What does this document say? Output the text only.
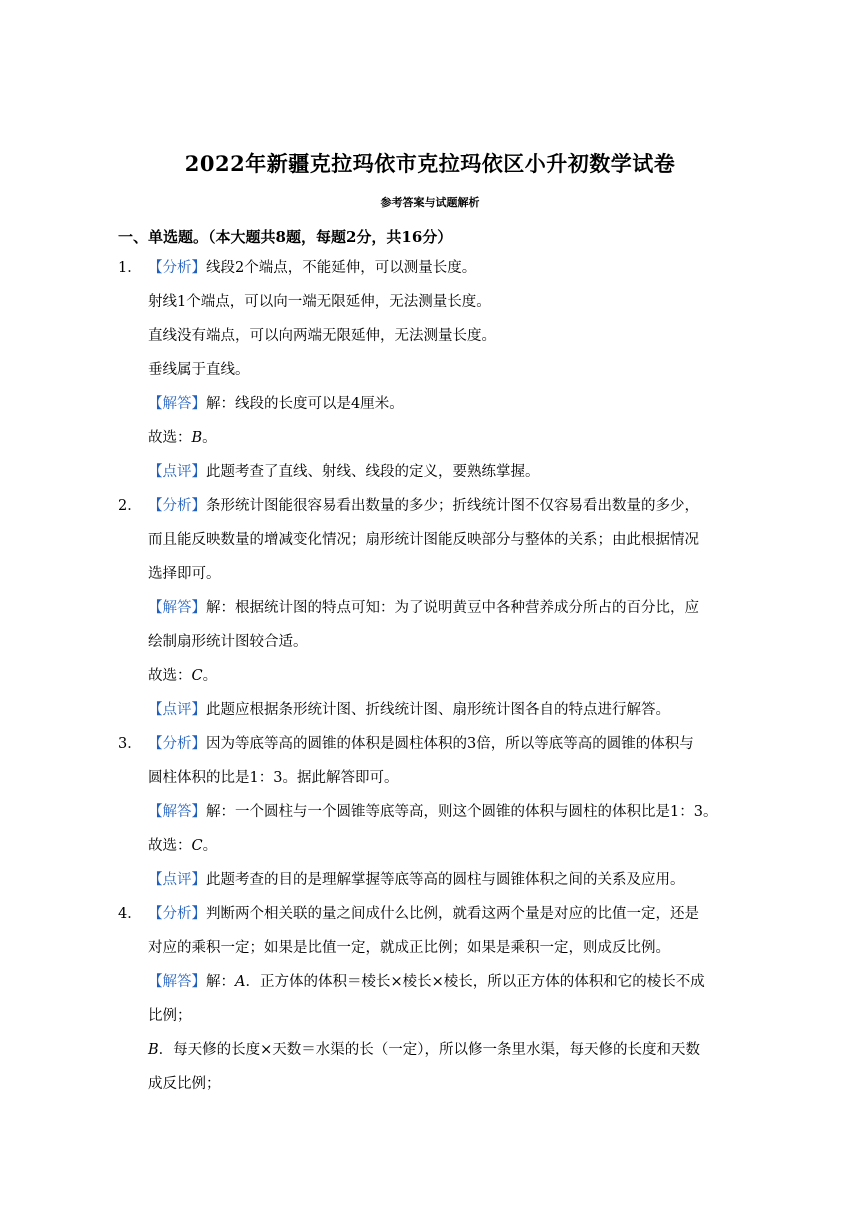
2022年新疆克拉玛依市克拉玛依区小升初数学试卷
参考答案与试题解析
一、单选题。（本大题共8题，每题2分，共16分）
1． 【分析】线段2个端点，不能延伸，可以测量长度。
射线1个端点，可以向一端无限延伸，无法测量长度。
直线没有端点，可以向两端无限延伸，无法测量长度。
垂线属于直线。
【解答】解：线段的长度可以是4厘米。
故选：B。
【点评】此题考查了直线、射线、线段的定义，要熟练掌握。
2． 【分析】条形统计图能很容易看出数量的多少；折线统计图不仅容易看出数量的多少，
而且能反映数量的增减变化情况；扇形统计图能反映部分与整体的关系；由此根据情况
选择即可。
【解答】解：根据统计图的特点可知：为了说明黄豆中各种营养成分所占的百分比，应
绘制扇形统计图较合适。
故选：C。
【点评】此题应根据条形统计图、折线统计图、扇形统计图各自的特点进行解答。
3． 【分析】因为等底等高的圆锥的体积是圆柱体积的3倍，所以等底等高的圆锥的体积与
圆柱体积的比是1：3。据此解答即可。
【解答】解：一个圆柱与一个圆锥等底等高，则这个圆锥的体积与圆柱的体积比是1：3。
故选：C。
【点评】此题考查的目的是理解掌握等底等高的圆柱与圆锥体积之间的关系及应用。
4． 【分析】判断两个相关联的量之间成什么比例，就看这两个量是对应的比值一定，还是
对应的乘积一定；如果是比值一定，就成正比例；如果是乘积一定，则成反比例。
【解答】解：A．正方体的体积＝棱长×棱长×棱长，所以正方体的体积和它的棱长不成
比例；
B．每天修的长度×天数＝水渠的长（一定），所以修一条里水渠，每天修的长度和天数
成反比例；
